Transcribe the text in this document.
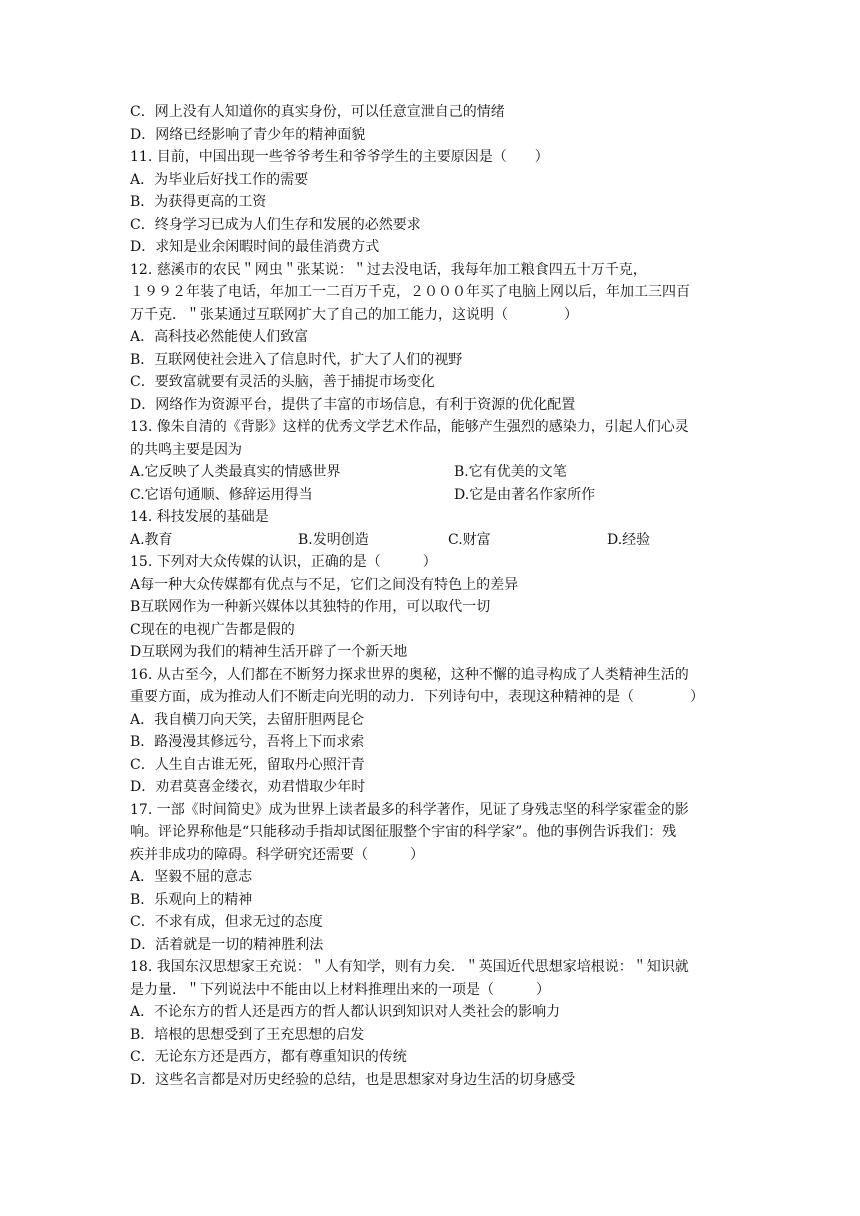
C．网上没有人知道你的真实身份，可以任意宣泄自己的情绪
D．网络已经影响了青少年的精神面貌
11. 目前，中国出现一些爷爷考生和爷爷学生的主要原因是（　　）
A．为毕业后好找工作的需要
B．为获得更高的工资
C．终身学习已成为人们生存和发展的必然要求
D．求知是业余闲暇时间的最佳消费方式
12. 慈溪市的农民＂网虫＂张某说：＂过去没电话，我每年加工粮食四五十万千克，
１９９２年装了电话，年加工一二百万千克，２０００年买了电脑上网以后，年加工三四百
万千克．＂张某通过互联网扩大了自己的加工能力，这说明（　　　　）
A．高科技必然能使人们致富
B．互联网使社会进入了信息时代，扩大了人们的视野
C．要致富就要有灵活的头脑，善于捕捉市场变化
D．网络作为资源平台，提供了丰富的市场信息，有利于资源的优化配置
13. 像朱自清的《背影》这样的优秀文学艺术作品，能够产生强烈的感染力，引起人们心灵
的共鸣主要是因为
A.它反映了人类最真实的情感世界	B.它有优美的文笔
C.它语句通顺、修辞运用得当	D.它是由著名作家所作
14. 科技发展的基础是
A.教育	B.发明创造	C.财富	D.经验
15. 下列对大众传媒的认识，正确的是（　　　）
A每一种大众传媒都有优点与不足，它们之间没有特色上的差异
B互联网作为一种新兴媒体以其独特的作用，可以取代一切
C现在的电视广告都是假的
D互联网为我们的精神生活开辟了一个新天地
16. 从古至今，人们都在不断努力探求世界的奥秘，这种不懈的追寻构成了人类精神生活的
重要方面，成为推动人们不断走向光明的动力．下列诗句中，表现这种精神的是（　　　　）
A．我自横刀向天笑，去留肝胆两昆仑
B．路漫漫其修远兮，吾将上下而求索
C．人生自古谁无死，留取丹心照汗青
D．劝君莫喜金缕衣，劝君惜取少年时
17. 一部《时间简史》成为世界上读者最多的科学著作，见证了身残志坚的科学家霍金的影
响。评论界称他是“只能移动手指却试图征服整个宇宙的科学家”。他的事例告诉我们：残
疾并非成功的障碍。科学研究还需要（　　　）
A．坚毅不屈的意志
B．乐观向上的精神
C．不求有成，但求无过的态度
D．活着就是一切的精神胜利法
18. 我国东汉思想家王充说：＂人有知学，则有力矣．＂英国近代思想家培根说：＂知识就
是力量．＂下列说法中不能由以上材料推理出来的一项是（　　　）
A．不论东方的哲人还是西方的哲人都认识到知识对人类社会的影响力
B．培根的思想受到了王充思想的启发
C．无论东方还是西方，都有尊重知识的传统
D．这些名言都是对历史经验的总结，也是思想家对身边生活的切身感受
